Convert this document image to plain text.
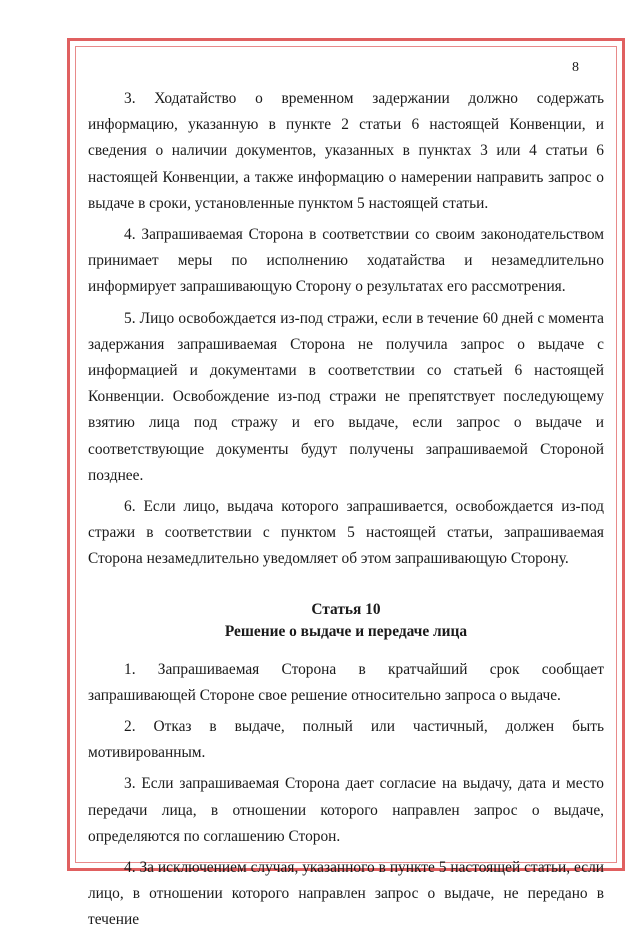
8

3. Ходатайство о временном задержании должно содержать информацию, указанную в пункте 2 статьи 6 настоящей Конвенции, и сведения о наличии документов, указанных в пунктах 3 или 4 статьи 6 настоящей Конвенции, а также информацию о намерении направить запрос о выдаче в сроки, установленные пунктом 5 настоящей статьи.

4. Запрашиваемая Сторона в соответствии со своим законодательством принимает меры по исполнению ходатайства и незамедлительно информирует запрашивающую Сторону о результатах его рассмотрения.

5. Лицо освобождается из-под стражи, если в течение 60 дней с момента задержания запрашиваемая Сторона не получила запрос о выдаче с информацией и документами в соответствии со статьей 6 настоящей Конвенции. Освобождение из-под стражи не препятствует последующему взятию лица под стражу и его выдаче, если запрос о выдаче и соответствующие документы будут получены запрашиваемой Стороной позднее.

6. Если лицо, выдача которого запрашивается, освобождается из-под стражи в соответствии с пунктом 5 настоящей статьи, запрашиваемая Сторона незамедлительно уведомляет об этом запрашивающую Сторону.

Статья 10
Решение о выдаче и передаче лица

1. Запрашиваемая Сторона в кратчайший срок сообщает запрашивающей Стороне свое решение относительно запроса о выдаче.

2. Отказ в выдаче, полный или частичный, должен быть мотивированным.

3. Если запрашиваемая Сторона дает согласие на выдачу, дата и место передачи лица, в отношении которого направлен запрос о выдаче, определяются по соглашению Сторон.

4. За исключением случая, указанного в пункте 5 настоящей статьи, если лицо, в отношении которого направлен запрос о выдаче, не передано в течение
